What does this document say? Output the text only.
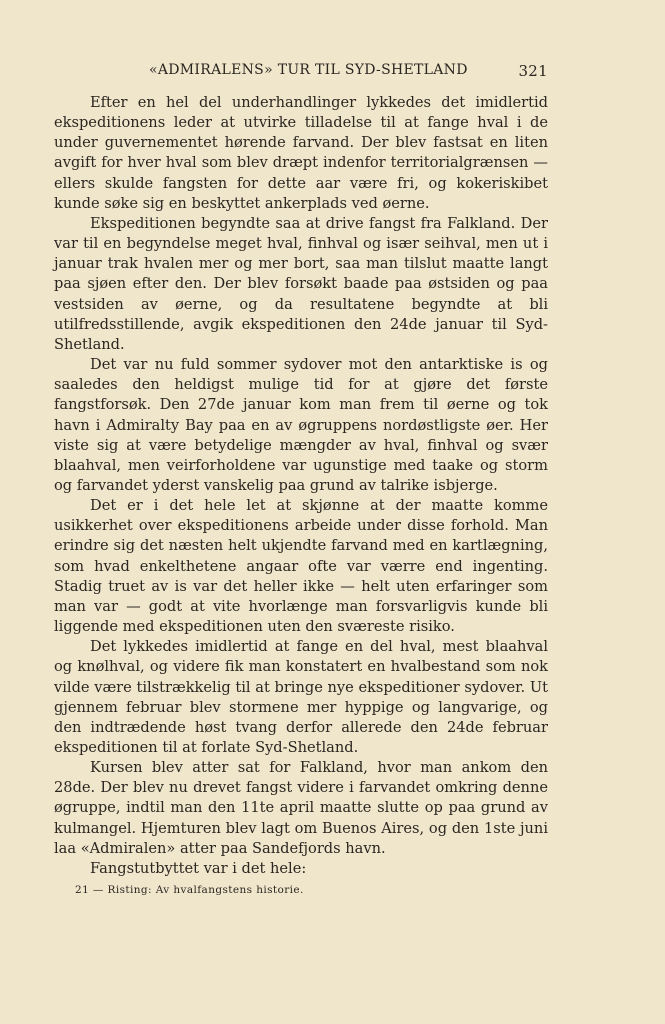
«ADMIRALENS» TUR TIL SYD-SHETLAND	321

Efter en hel del underhandlinger lykkedes det imidlertid ekspeditionens leder at utvirke tilladelse til at fange hval i de under guvernementet hørende farvand. Der blev fastsat en liten avgift for hver hval som blev dræpt indenfor territorialgrænsen — ellers skulde fangsten for dette aar være fri, og kokeriskibet kunde søke sig en beskyttet ankerplads ved øerne.

Ekspeditionen begyndte saa at drive fangst fra Falkland. Der var til en begyndelse meget hval, finhval og især seihval, men ut i januar trak hvalen mer og mer bort, saa man tilslut maatte langt paa sjøen efter den. Der blev forsøkt baade paa østsiden og paa vestsiden av øerne, og da resultatene begyndte at bli utilfredsstillende, avgik ekspeditionen den 24de januar til Syd-Shetland.

Det var nu fuld sommer sydover mot den antarktiske is og saaledes den heldigst mulige tid for at gjøre det første fangstforsøk. Den 27de januar kom man frem til øerne og tok havn i Admiralty Bay paa en av øgruppens nordøstligste øer. Her viste sig at være betydelige mængder av hval, finhval og svær blaahval, men veirforholdene var ugunstige med taake og storm og farvandet yderst vanskelig paa grund av talrike isbjerge.

Det er i det hele let at skjønne at der maatte komme usikkerhet over ekspeditionens arbeide under disse forhold. Man erindre sig det næsten helt ukjendte farvand med en kartlægning, som hvad enkelthetene angaar ofte var værre end ingenting. Stadig truet av is var det heller ikke — helt uten erfaringer som man var — godt at vite hvorlænge man forsvarligvis kunde bli liggende med ekspeditionen uten den sværeste risiko.

Det lykkedes imidlertid at fange en del hval, mest blaahval og knølhval, og videre fik man konstatert en hvalbestand som nok vilde være tilstrækkelig til at bringe nye ekspeditioner sydover. Ut gjennem februar blev stormene mer hyppige og langvarige, og den indtrædende høst tvang derfor allerede den 24de februar ekspeditionen til at forlate Syd-Shetland.

Kursen blev atter sat for Falkland, hvor man ankom den 28de. Der blev nu drevet fangst videre i farvandet omkring denne øgruppe, indtil man den 11te april maatte slutte op paa grund av kulmangel. Hjemturen blev lagt om Buenos Aires, og den 1ste juni laa «Admiralen» atter paa Sandefjords havn.

Fangstutbyttet var i det hele:

21 — Risting: Av hvalfangstens historie.
